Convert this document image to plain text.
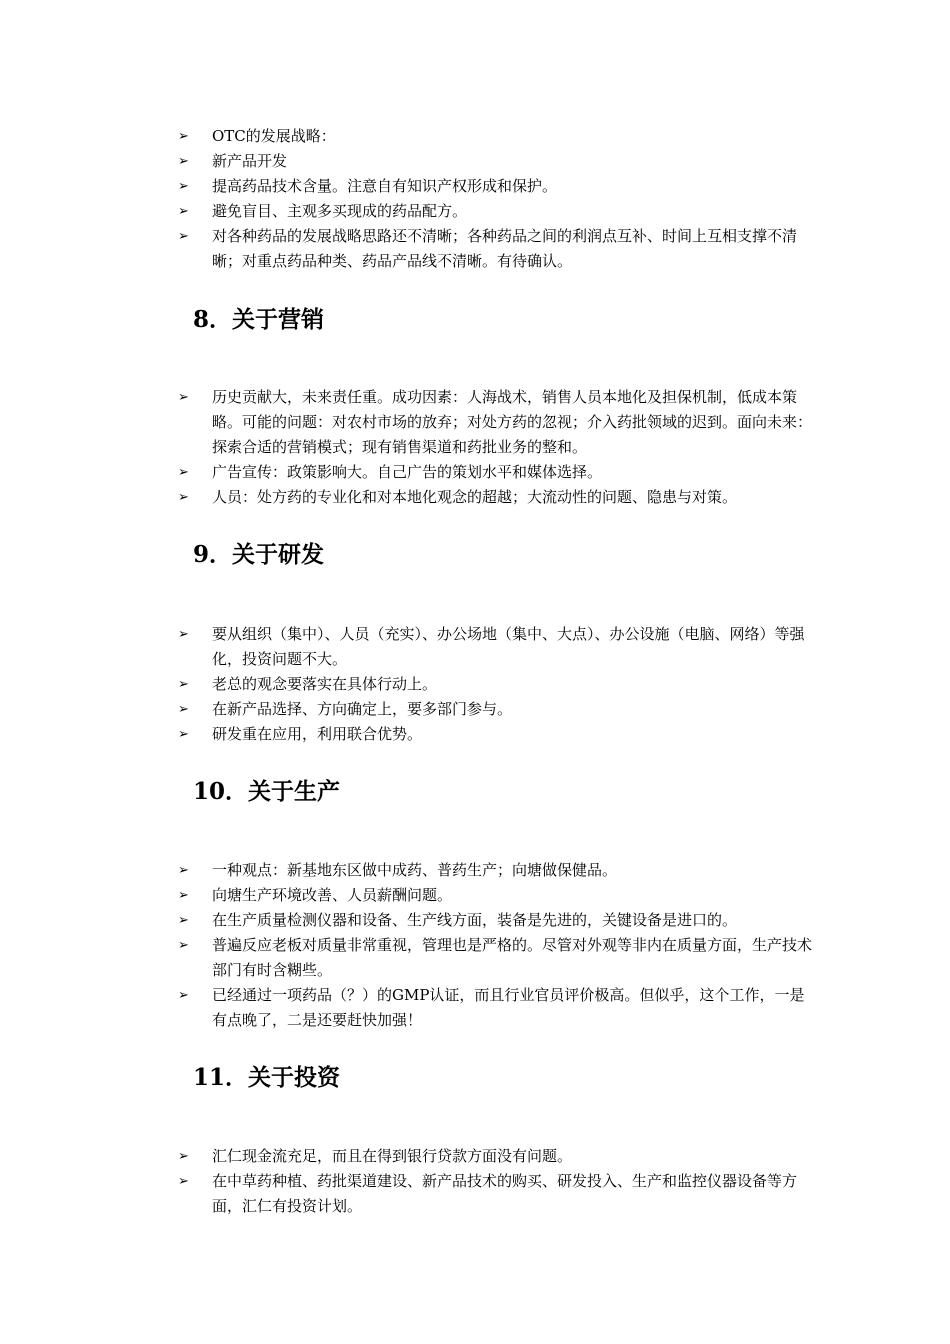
➢	OTC的发展战略：
➢	新产品开发
➢	提高药品技术含量。注意自有知识产权形成和保护。
➢	避免盲目、主观多买现成的药品配方。
➢	对各种药品的发展战略思路还不清晰；各种药品之间的利润点互补、时间上互相支撑不清晰；对重点药品种类、药品产品线不清晰。有待确认。
8．关于营销
➢	历史贡献大，未来责任重。成功因素：人海战术，销售人员本地化及担保机制，低成本策略。可能的问题：对农村市场的放弃；对处方药的忽视；介入药批领域的迟到。面向未来：探索合适的营销模式；现有销售渠道和药批业务的整和。
➢	广告宣传：政策影响大。自己广告的策划水平和媒体选择。
➢	人员：处方药的专业化和对本地化观念的超越；大流动性的问题、隐患与对策。
9．关于研发
➢	要从组织（集中）、人员（充实）、办公场地（集中、大点）、办公设施（电脑、网络）等强化，投资问题不大。
➢	老总的观念要落实在具体行动上。
➢	在新产品选择、方向确定上，要多部门参与。
➢	研发重在应用，利用联合优势。
10．关于生产
➢	一种观点：新基地东区做中成药、普药生产；向塘做保健品。
➢	向塘生产环境改善、人员薪酬问题。
➢	在生产质量检测仪器和设备、生产线方面，装备是先进的，关键设备是进口的。
➢	普遍反应老板对质量非常重视，管理也是严格的。尽管对外观等非内在质量方面，生产技术部门有时含糊些。
➢	已经通过一项药品（？）的GMP认证，而且行业官员评价极高。但似乎，这个工作，一是有点晚了，二是还要赶快加强！
11．关于投资
➢	汇仁现金流充足，而且在得到银行贷款方面没有问题。
➢	在中草药种植、药批渠道建设、新产品技术的购买、研发投入、生产和监控仪器设备等方面，汇仁有投资计划。
